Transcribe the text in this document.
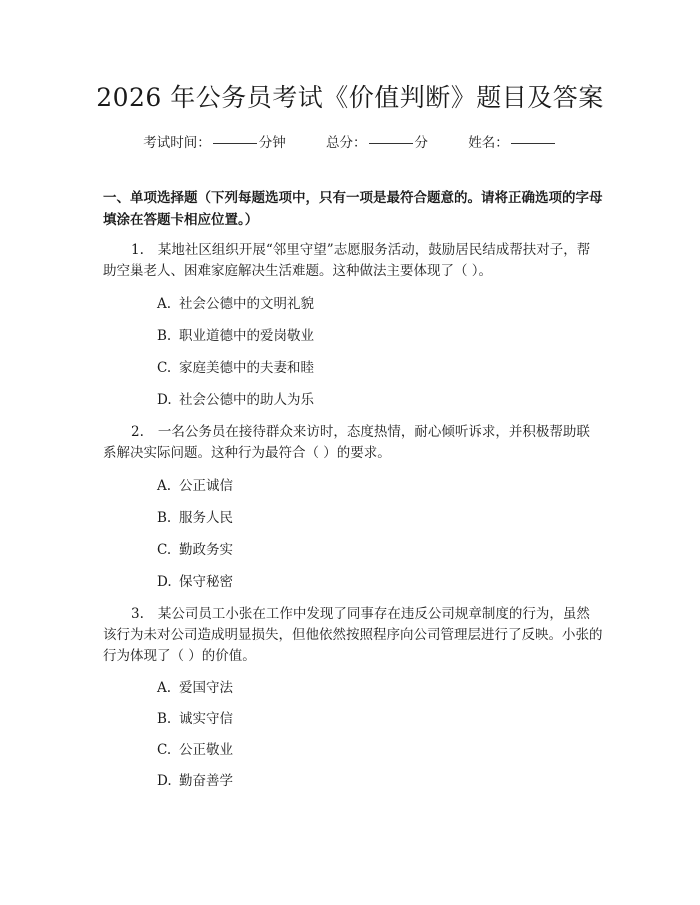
2026 年公务员考试《价值判断》题目及答案
考试时间：	分钟	总分：	分	姓名：
一、单项选择题（下列每题选项中，只有一项是最符合题意的。请将正确选项的字母填涂在答题卡相应位置。）
1. 某地社区组织开展“邻里守望”志愿服务活动，鼓励居民结成帮扶对子，帮助空巢老人、困难家庭解决生活难题。这种做法主要体现了（ ）。
A. 社会公德中的文明礼貌
B. 职业道德中的爱岗敬业
C. 家庭美德中的夫妻和睦
D. 社会公德中的助人为乐
2. 一名公务员在接待群众来访时，态度热情，耐心倾听诉求，并积极帮助联系解决实际问题。这种行为最符合（ ）的要求。
A. 公正诚信
B. 服务人民
C. 勤政务实
D. 保守秘密
3. 某公司员工小张在工作中发现了同事存在违反公司规章制度的行为，虽然该行为未对公司造成明显损失，但他依然按照程序向公司管理层进行了反映。小张的行为体现了（ ）的价值。
A. 爱国守法
B. 诚实守信
C. 公正敬业
D. 勤奋善学
